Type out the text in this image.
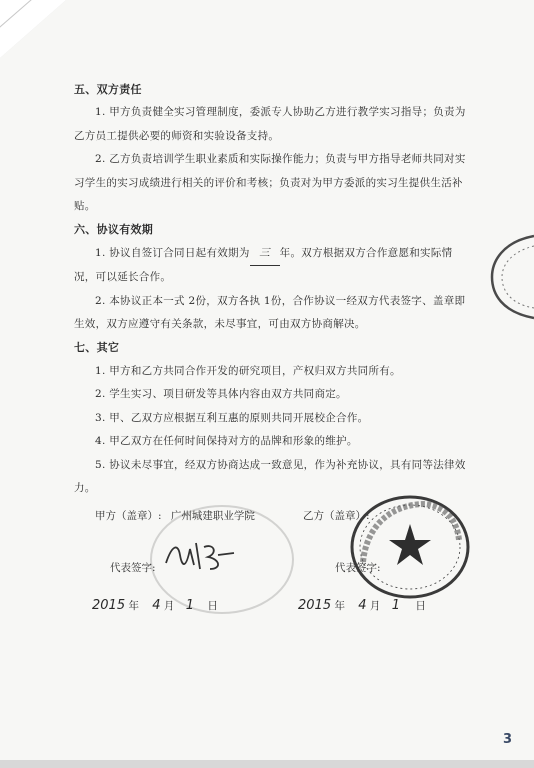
五、双方责任
1. 甲方负责健全实习管理制度，委派专人协助乙方进行教学实习指导；负责为乙方员工提供必要的师资和实验设备支持。
2. 乙方负责培训学生职业素质和实际操作能力；负责与甲方指导老师共同对实习学生的实习成绩进行相关的评价和考核；负责对为甲方委派的实习生提供生活补贴。
六、协议有效期
1. 协议自签订合同日起有效期为 三 年。双方根据双方合作意愿和实际情况，可以延长合作。
2. 本协议正本一式 2份，双方各执 1份，合作协议一经双方代表签字、盖章即生效，双方应遵守有关条款，未尽事宜，可由双方协商解决。
七、其它
1. 甲方和乙方共同合作开发的研究项目，产权归双方共同所有。
2. 学生实习、项目研发等具体内容由双方共同商定。
3. 甲、乙双方应根据互利互惠的原则共同开展校企合作。
4. 甲乙双方在任何时间保持对方的品牌和形象的维护。
5. 协议未尽事宜，经双方协商达成一致意见，作为补充协议，具有同等法律效力。
甲方（盖章）: 广州城建职业学院	乙方（盖章）:
代表签字:	代表签字:
2015 年 4 月 1 日	2015 年 4 月 1 日
3
